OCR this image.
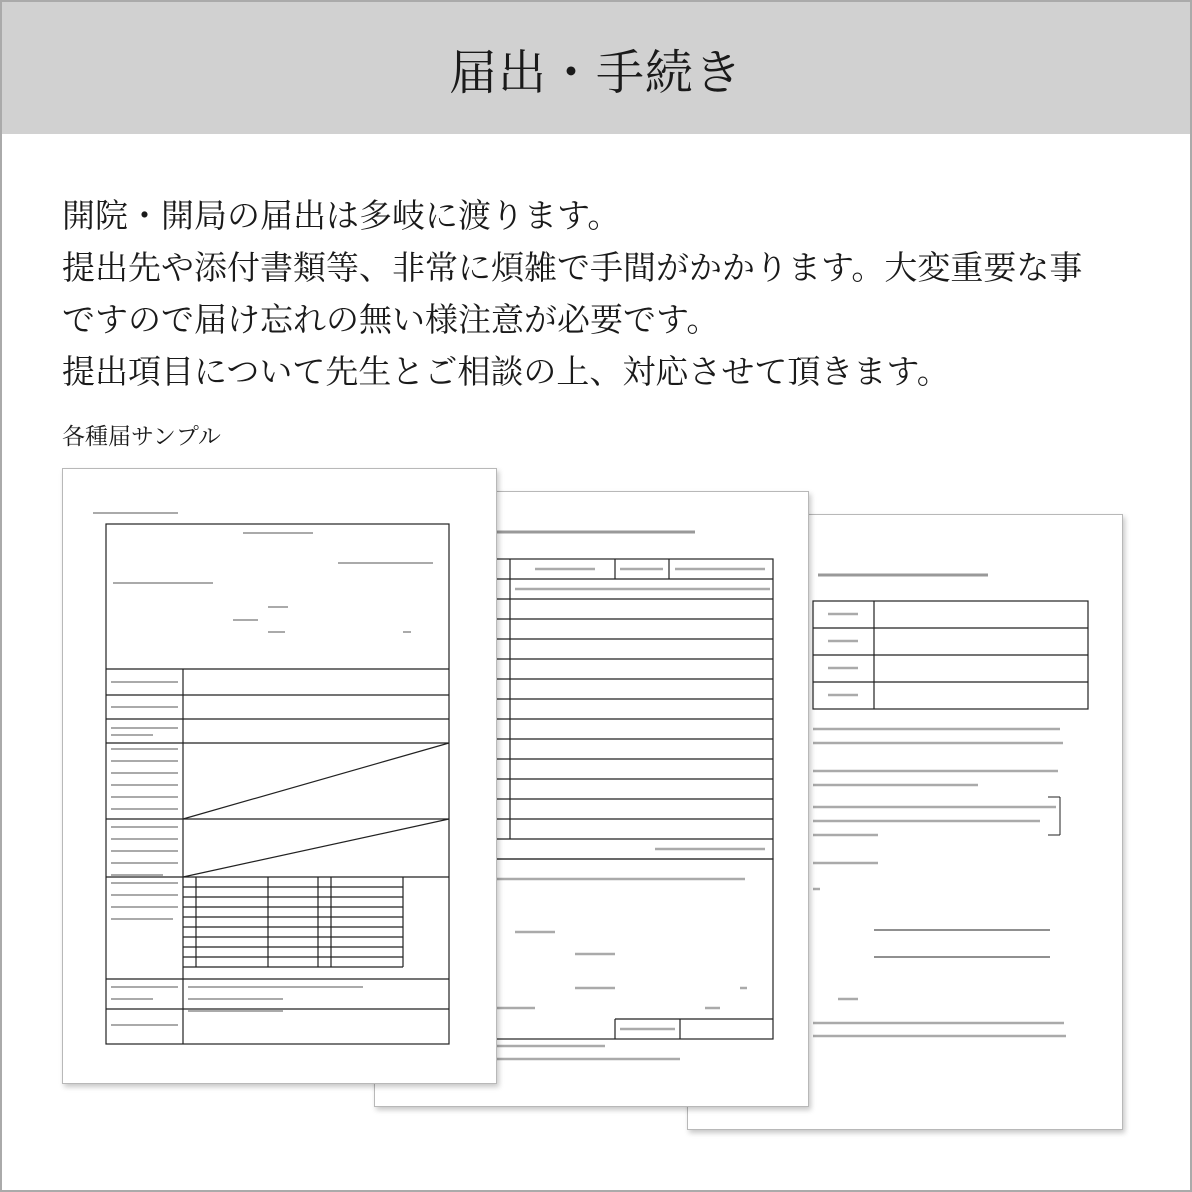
届出・手続き
開院・開局の届出は多岐に渡ります。
提出先や添付書類等、非常に煩雑で手間がかかります。大変重要な事
ですので届け忘れの無い様注意が必要です。
提出項目について先生とご相談の上、対応させて頂きます。
各種届サンプル
